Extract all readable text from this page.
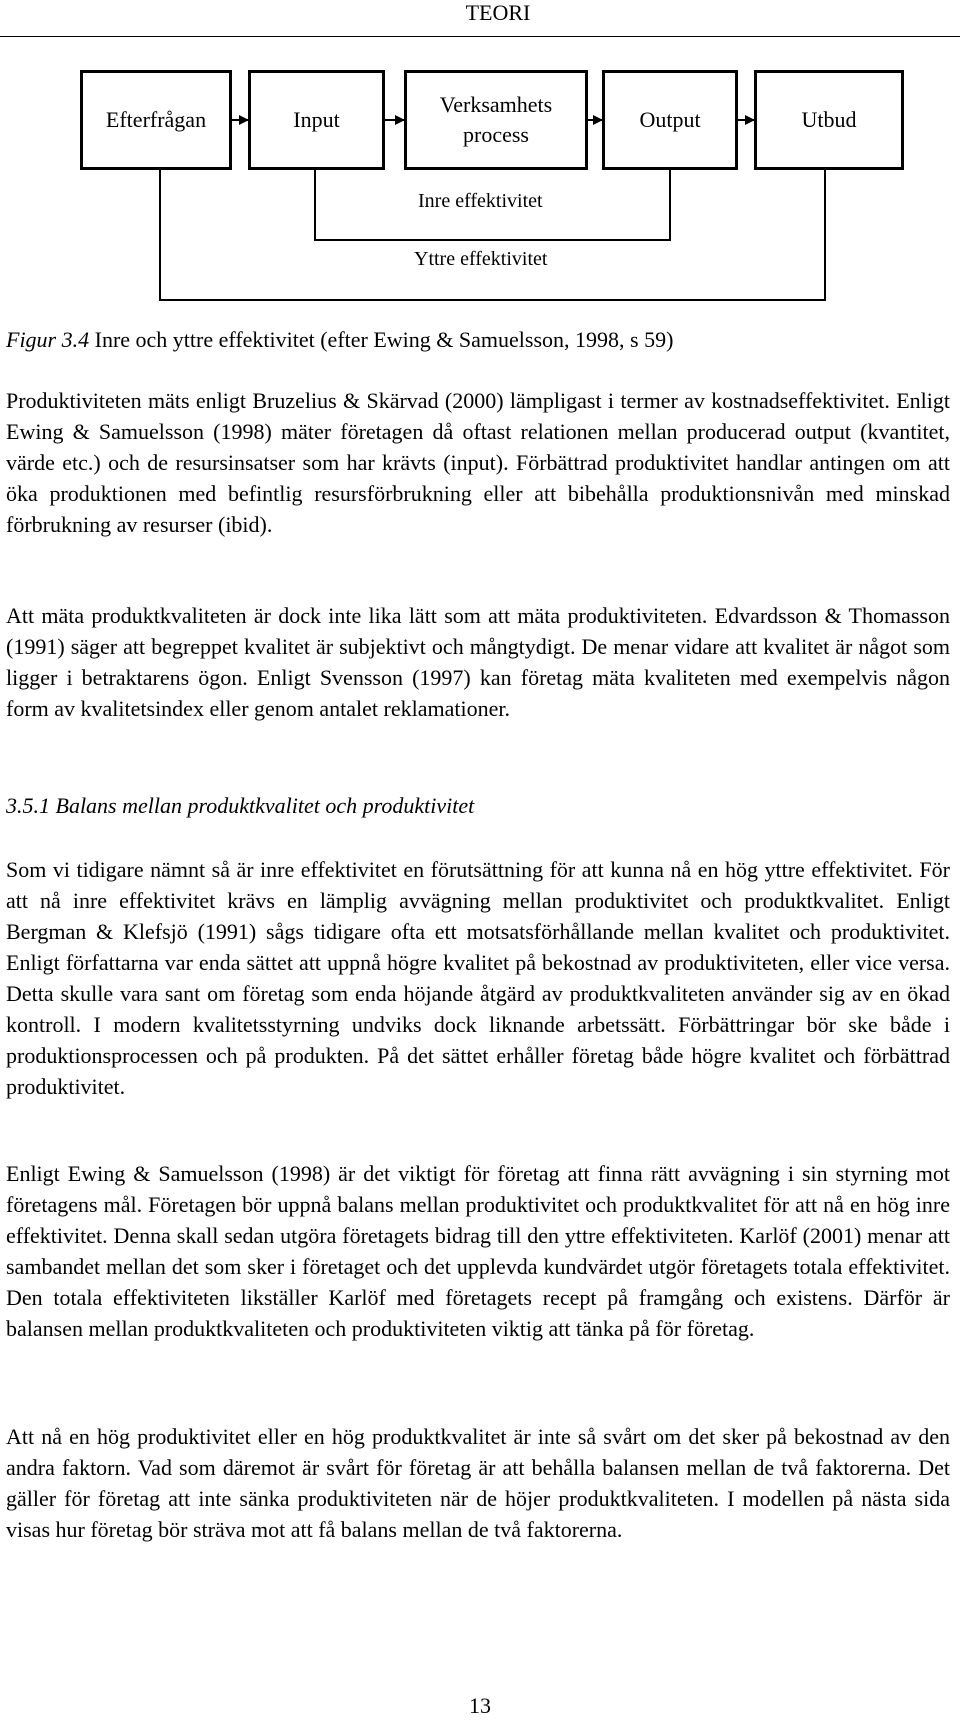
TEORI
Efterfrågan	Input
Verksamhets
process
Output	Utbud
Inre effektivitet
Yttre effektivitet
Figur 3.4 Inre och yttre effektivitet (efter Ewing & Samuelsson, 1998, s 59)

Produktiviteten mäts enligt Bruzelius & Skärvad (2000) lämpligast i termer av kostnadseffektivitet. Enligt Ewing & Samuelsson (1998) mäter företagen då oftast relationen mellan producerad output (kvantitet, värde etc.) och de resursinsatser som har krävts (input). Förbättrad produktivitet handlar antingen om att öka produktionen med befintlig resursförbrukning eller att bibehålla produktionsnivån med minskad förbrukning av resurser (ibid).

Att mäta produktkvaliteten är dock inte lika lätt som att mäta produktiviteten. Edvardsson & Thomasson (1991) säger att begreppet kvalitet är subjektivt och mångtydigt. De menar vidare att kvalitet är något som ligger i betraktarens ögon. Enligt Svensson (1997) kan företag mäta kvaliteten med exempelvis någon form av kvalitetsindex eller genom antalet reklamationer.

3.5.1 Balans mellan produktkvalitet och produktivitet

Som vi tidigare nämnt så är inre effektivitet en förutsättning för att kunna nå en hög yttre effektivitet. För att nå inre effektivitet krävs en lämplig avvägning mellan produktivitet och produktkvalitet. Enligt Bergman & Klefsjö (1991) sågs tidigare ofta ett motsatsförhållande mellan kvalitet och produktivitet. Enligt författarna var enda sättet att uppnå högre kvalitet på bekostnad av produktiviteten, eller vice versa. Detta skulle vara sant om företag som enda höjande åtgärd av produktkvaliteten använder sig av en ökad kontroll. I modern kvalitetsstyrning undviks dock liknande arbetssätt. Förbättringar bör ske både i produktionsprocessen och på produkten. På det sättet erhåller företag både högre kvalitet och förbättrad produktivitet.

Enligt Ewing & Samuelsson (1998) är det viktigt för företag att finna rätt avvägning i sin styrning mot företagens mål. Företagen bör uppnå balans mellan produktivitet och produktkvalitet för att nå en hög inre effektivitet. Denna skall sedan utgöra företagets bidrag till den yttre effektiviteten. Karlöf (2001) menar att sambandet mellan det som sker i företaget och det upplevda kundvärdet utgör företagets totala effektivitet. Den totala effektiviteten likställer Karlöf med företagets recept på framgång och existens. Därför är balansen mellan produktkvaliteten och produktiviteten viktig att tänka på för företag.

Att nå en hög produktivitet eller en hög produktkvalitet är inte så svårt om det sker på bekostnad av den andra faktorn. Vad som däremot är svårt för företag är att behålla balansen mellan de två faktorerna. Det gäller för företag att inte sänka produktiviteten när de höjer produktkvaliteten. I modellen på nästa sida visas hur företag bör sträva mot att få balans mellan de två faktorerna.

13
